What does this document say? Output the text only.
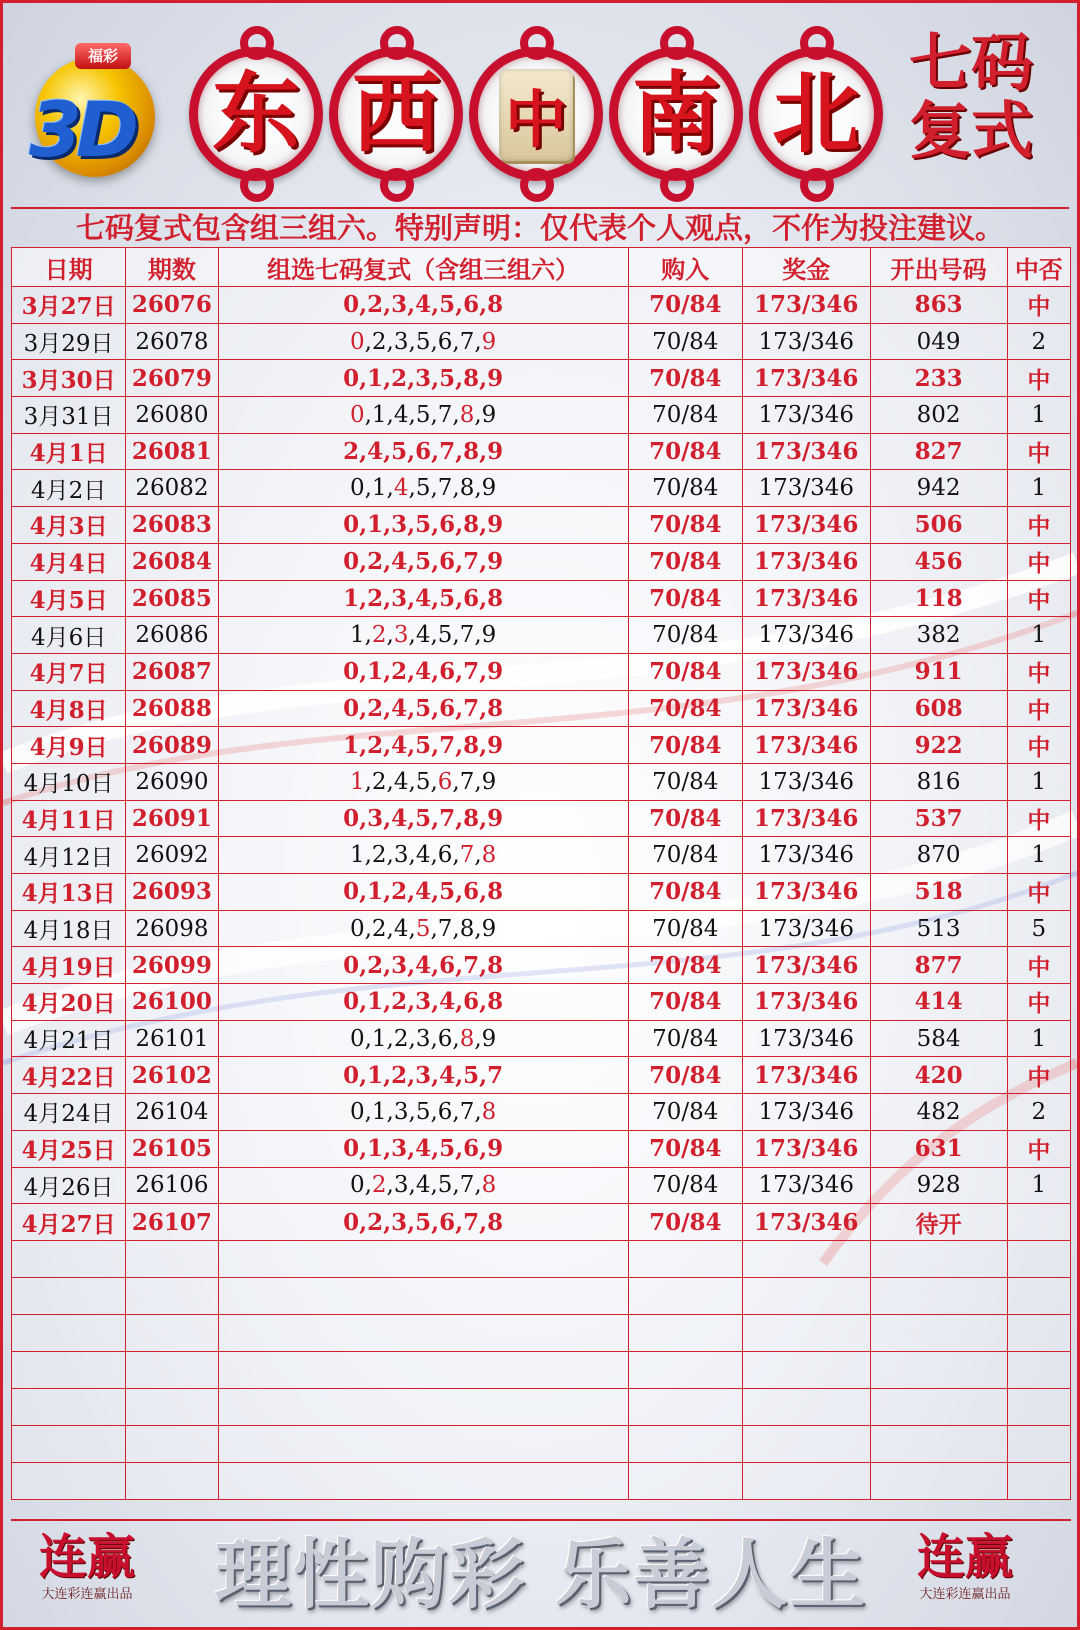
3D
福彩
东 西	中 南 北 七码
复式
七码复式包含组三组六。特别声明：仅代表个人观点，不作为投注建议。
日期	期数	组选七码复式（含组三组六）	购入	奖金	开出号码	中否
3月27日	26076	0,2,3,4,5,6,8	70/84	173/346	863	中
3月29日	26078	0,2,3,5,6,7,9	70/84	173/346	049	2
3月30日	26079	0,1,2,3,5,8,9	70/84	173/346	233	中
3月31日	26080	0,1,4,5,7,8,9	70/84	173/346	802	1
4月1日	26081	2,4,5,6,7,8,9	70/84	173/346	827	中
4月2日	26082	0,1,4,5,7,8,9	70/84	173/346	942	1
4月3日	26083	0,1,3,5,6,8,9	70/84	173/346	506	中
4月4日	26084	0,2,4,5,6,7,9	70/84	173/346	456	中
4月5日	26085	1,2,3,4,5,6,8	70/84	173/346	118	中
4月6日	26086	1,2,3,4,5,7,9	70/84	173/346	382	1
4月7日	26087	0,1,2,4,6,7,9	70/84	173/346	911	中
4月8日	26088	0,2,4,5,6,7,8	70/84	173/346	608	中
4月9日	26089	1,2,4,5,7,8,9	70/84	173/346	922	中
4月10日	26090	1,2,4,5,6,7,9	70/84	173/346	816	1
4月11日	26091	0,3,4,5,7,8,9	70/84	173/346	537	中
4月12日	26092	1,2,3,4,6,7,8	70/84	173/346	870	1
4月13日	26093	0,1,2,4,5,6,8	70/84	173/346	518	中
4月18日	26098	0,2,4,5,7,8,9	70/84	173/346	513	5
4月19日	26099	0,2,3,4,6,7,8	70/84	173/346	877	中
4月20日	26100	0,1,2,3,4,6,8	70/84	173/346	414	中
4月21日	26101	0,1,2,3,6,8,9	70/84	173/346	584	1
4月22日	26102	0,1,2,3,4,5,7	70/84	173/346	420	中
4月24日	26104	0,1,3,5,6,7,8	70/84	173/346	482	2
4月25日	26105	0,1,3,4,5,6,9	70/84	173/346	631	中
4月26日	26106	0,2,3,4,5,7,8	70/84	173/346	928	1
4月27日	26107	0,2,3,5,6,7,8	70/84	173/346	待开	

连赢
大连彩连赢出品 理性购彩 乐善人生 连赢
大连彩连赢出品
